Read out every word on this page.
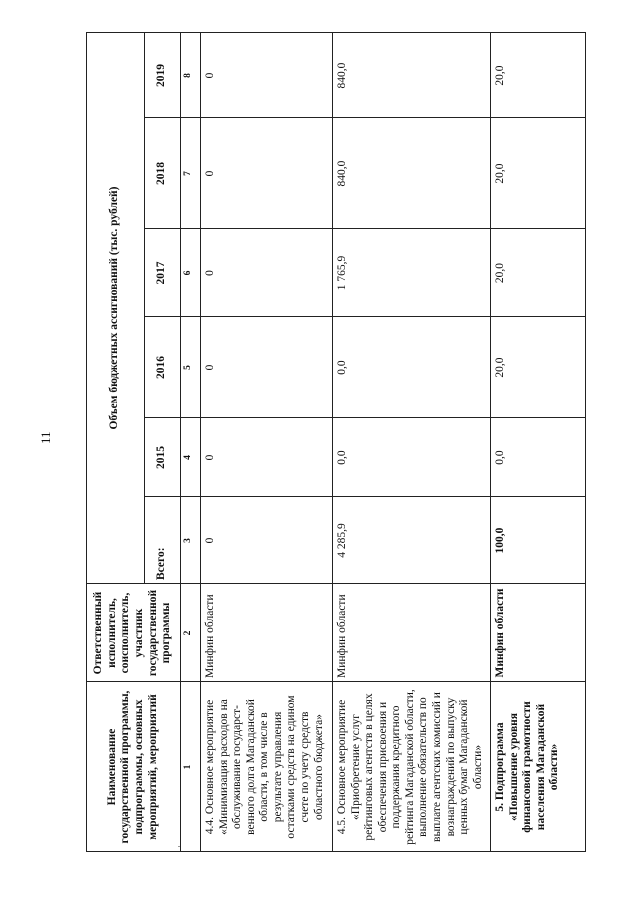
11
Наименование государственной программы, подпрограммы, основных мероприятий, мероприятий
Ответственный исполнитель, соисполнитель, участник государственной программы
Объем бюджетных ассигнований (тыс. рублей)
Всего:
2015
2016
2017
2018
2019
1
2
3
4
5
6
7
8
4.4. Основное мероприятие «Минимизация расходов на обслуживание государст-венного долга Магаданской области, в том числе в результате управления остатками средств на едином счете по учету средств областного бюджета»
Минфин области
0
0
0
0
0
0
4.5. Основное мероприятие «Приобретение услуг рейтинговых агентств в целях обеспечения присвоения и поддержания кредитного рейтинга Магаданской области, выполнение обязательств по выплате агентских комиссий и вознаграждений по выпуску ценных бумаг Магаданской области»
Минфин области
4 285,9
0,0
0,0
1 765,9
840,0
840,0
5. Подпрограмма «Повышение уровня финансовой грамотности населения Магаданской области»
Минфин области
100,0
0,0
20,0
20,0
20,0
20,0
